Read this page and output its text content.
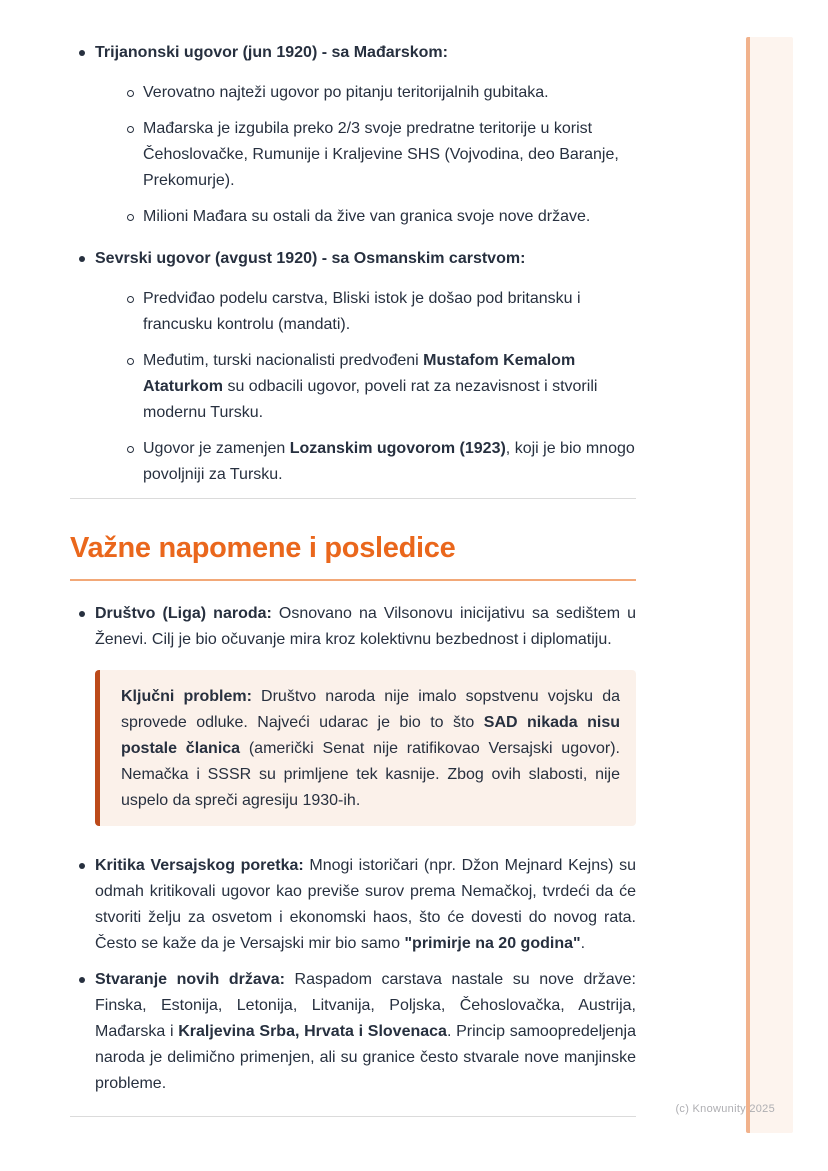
Trijanonski ugovor (jun 1920) - sa Mađarskom:
Verovatno najteži ugovor po pitanju teritorijalnih gubitaka.
Mađarska je izgubila preko 2/3 svoje predratne teritorije u korist Čehoslovačke, Rumunije i Kraljevine SHS (Vojvodina, deo Baranje, Prekomurje).
Milioni Mađara su ostali da žive van granica svoje nove države.
Sevrski ugovor (avgust 1920) - sa Osmanskim carstvom:
Predviđao podelu carstva, Bliski istok je došao pod britansku i francusku kontrolu (mandati).
Međutim, turski nacionalisti predvođeni Mustafom Kemalom Ataturkom su odbacili ugovor, poveli rat za nezavisnost i stvorili modernu Tursku.
Ugovor je zamenjen Lozanskim ugovorom (1923), koji je bio mnogo povoljniji za Tursku.
Važne napomene i posledice
Društvo (Liga) naroda: Osnovano na Vilsonovu inicijativu sa sedištem u Ženevi. Cilj je bio očuvanje mira kroz kolektivnu bezbednost i diplomatiju.
Ključni problem: Društvo naroda nije imalo sopstvenu vojsku da sprovede odluke. Najveći udarac je bio to što SAD nikada nisu postale članica (američki Senat nije ratifikovao Versajski ugovor). Nemačka i SSSR su primljene tek kasnije. Zbog ovih slabosti, nije uspelo da spreči agresiju 1930-ih.
Kritika Versajskog poretka: Mnogi istoričari (npr. Džon Mejnard Kejns) su odmah kritikovali ugovor kao previše surov prema Nemačkoj, tvrdeći da će stvoriti želju za osvetom i ekonomski haos, što će dovesti do novog rata. Često se kaže da je Versajski mir bio samo "primirje na 20 godina".
Stvaranje novih država: Raspadom carstava nastale su nove države: Finska, Estonija, Letonija, Litvanija, Poljska, Čehoslovačka, Austrija, Mađarska i Kraljevina Srba, Hrvata i Slovenaca. Princip samoopredeljenja naroda je delimično primenjen, ali su granice često stvarale nove manjinske probleme.
(c) Knowunity 2025
